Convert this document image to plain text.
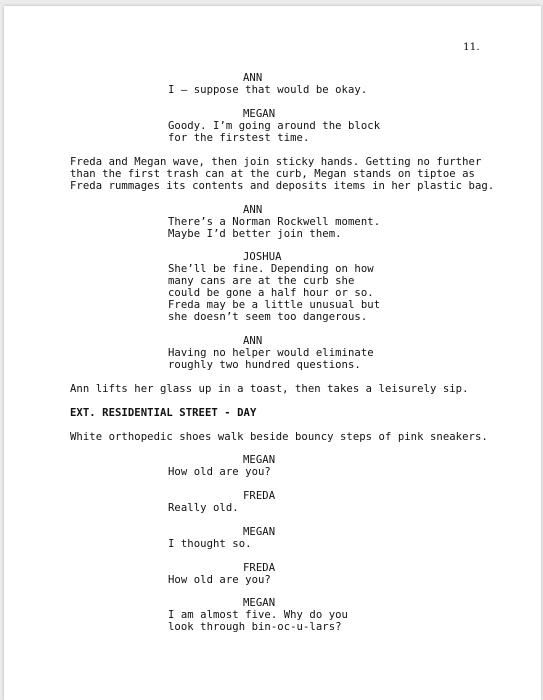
11.
ANN
I – suppose that would be okay.
MEGAN
Goody. I’m going around the block
for the firstest time.
Freda and Megan wave, then join sticky hands. Getting no further
than the first trash can at the curb, Megan stands on tiptoe as
Freda rummages its contents and deposits items in her plastic bag.
ANN
There’s a Norman Rockwell moment.
Maybe I’d better join them.
JOSHUA
She’ll be fine. Depending on how
many cans are at the curb she
could be gone a half hour or so.
Freda may be a little unusual but
she doesn’t seem too dangerous.
ANN
Having no helper would eliminate
roughly two hundred questions.
Ann lifts her glass up in a toast, then takes a leisurely sip.
EXT. RESIDENTIAL STREET - DAY
White orthopedic shoes walk beside bouncy steps of pink sneakers.
MEGAN
How old are you?
FREDA
Really old.
MEGAN
I thought so.
FREDA
How old are you?
MEGAN
I am almost five. Why do you
look through bin-oc-u-lars?
